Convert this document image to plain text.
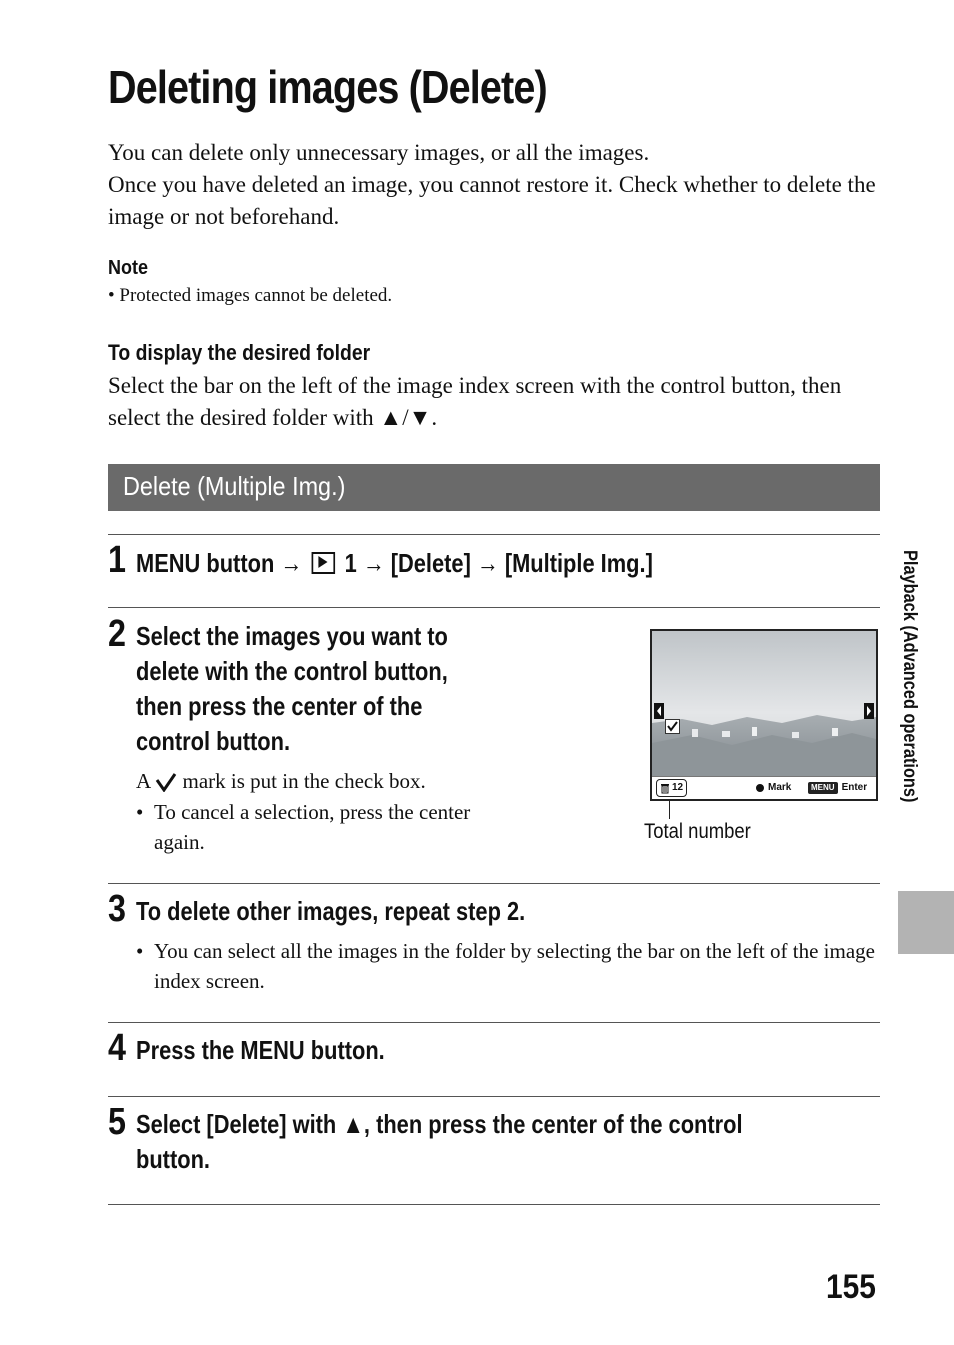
Deleting images (Delete)
You can delete only unnecessary images, or all the images.
Once you have deleted an image, you cannot restore it. Check whether to delete the image or not beforehand.
Note
• Protected images cannot be deleted.
To display the desired folder
Select the bar on the left of the image index screen with the control button, then select the desired folder with ▲/▼.
Delete (Multiple Img.)
1 MENU button → 1 → [Delete] → [Multiple Img.]
2 Select the images you want to
delete with the control button,
then press the center of the
control button.
A mark is put in the check box.
• To cancel a selection, press the center again.
12	Mark	MENU Enter
Total number
3 To delete other images, repeat step 2.
• You can select all the images in the folder by selecting the bar on the left of the image index screen.
4 Press the MENU button.
5 Select [Delete] with ▲, then press the center of the control
button.
Playback (Advanced operations)
155
